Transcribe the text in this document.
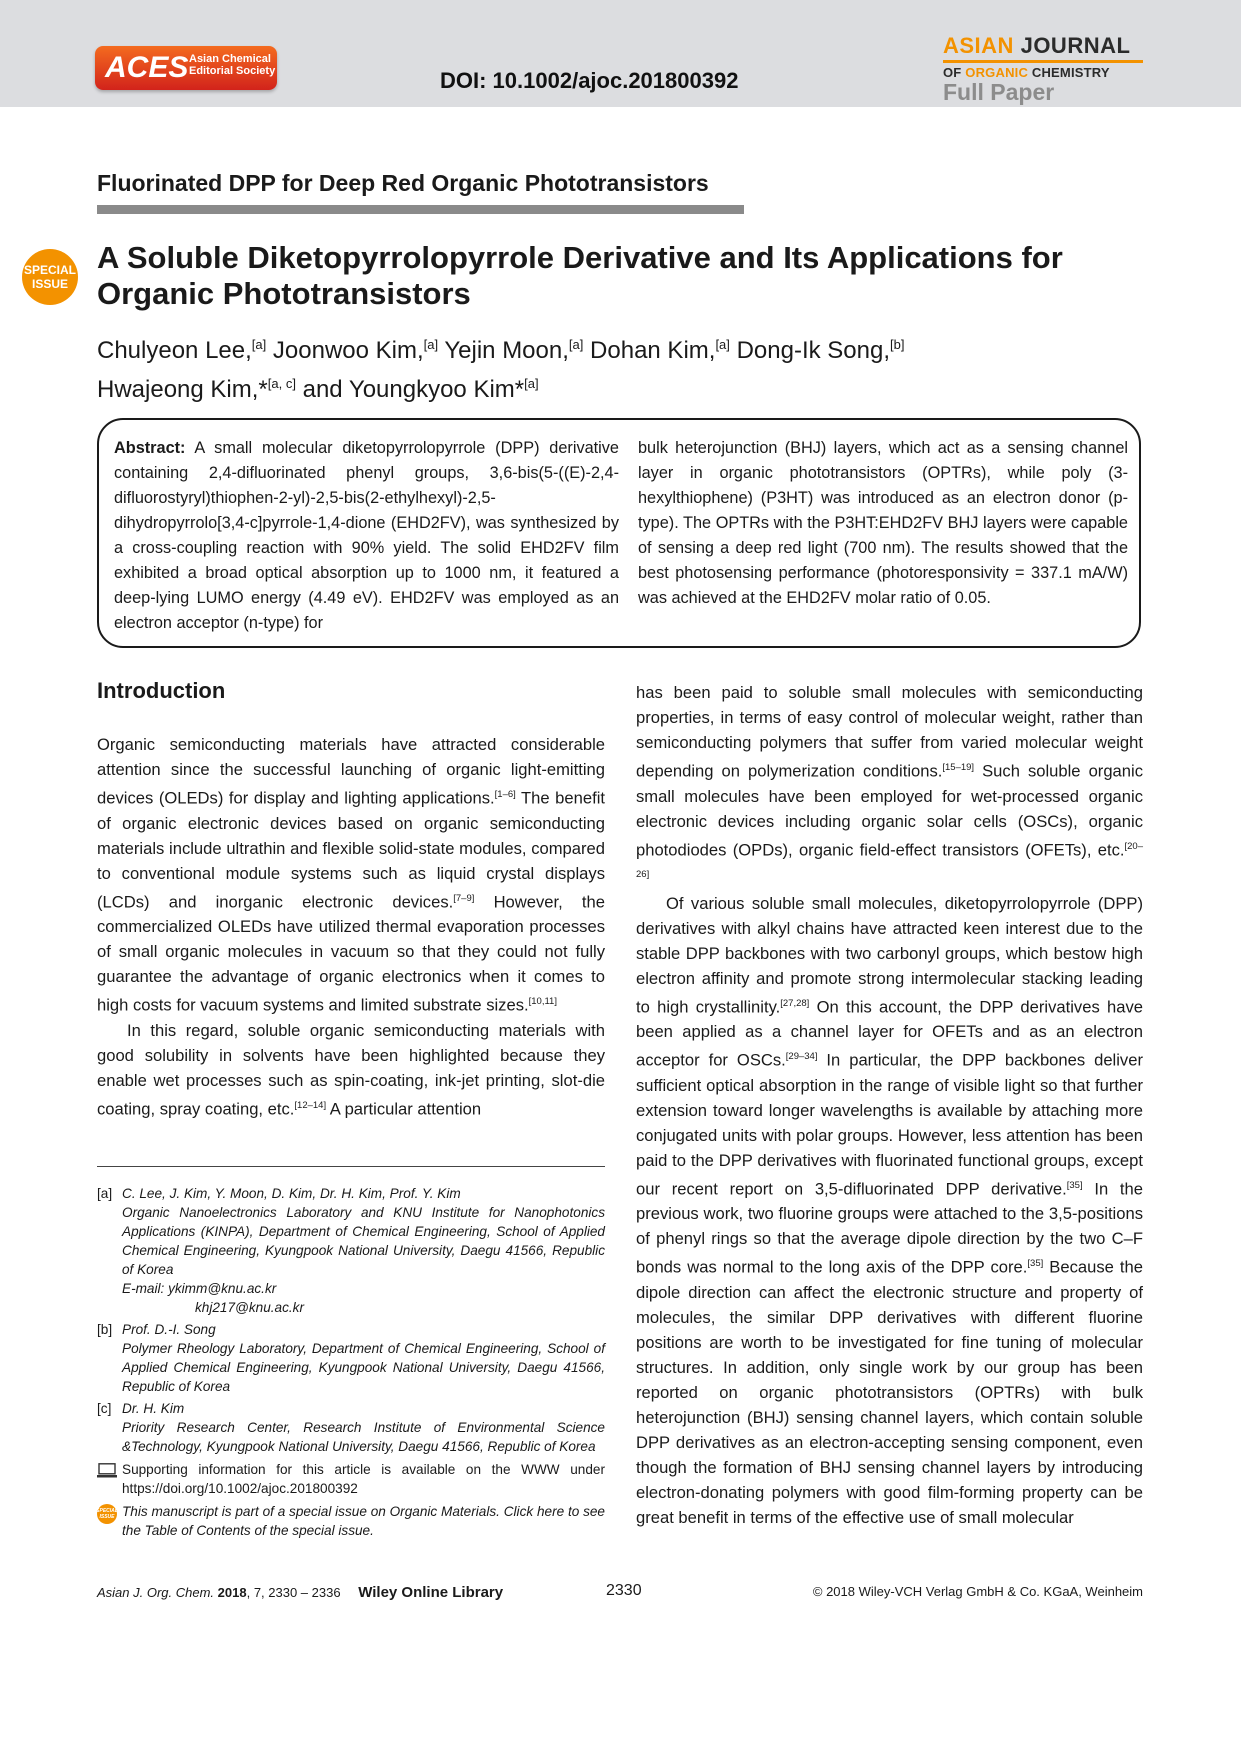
ACES Asian Chemical
Editorial Society	DOI: 10.1002/ajoc.201800392
ASIAN JOURNAL
OF ORGANIC CHEMISTRY
Full Paper
Fluorinated DPP for Deep Red Organic Phototransistors
SPECIAL
ISSUE
A Soluble Diketopyrrolopyrrole Derivative and Its Applications for Organic Phototransistors
Chulyeon Lee,[a] Joonwoo Kim,[a] Yejin Moon,[a] Dohan Kim,[a] Dong-Ik Song,[b]
Hwajeong Kim,*[a, c] and Youngkyoo Kim*[a]
Abstract: A small molecular diketopyrrolopyrrole (DPP) derivative containing 2,4-difluorinated phenyl groups, 3,6-bis(5-((E)-2,4-difluorostyryl)thiophen-2-yl)-2,5-bis(2-ethylhexyl)-2,5-dihydropyrrolo[3,4-c]pyrrole-1,4-dione (EHD2FV), was synthesized by a cross-coupling reaction with 90% yield. The solid EHD2FV film exhibited a broad optical absorption up to 1000 nm, it featured a deep-lying LUMO energy (4.49 eV). EHD2FV was employed as an electron acceptor (n-type) for
bulk heterojunction (BHJ) layers, which act as a sensing channel layer in organic phototransistors (OPTRs), while poly (3-hexylthiophene) (P3HT) was introduced as an electron donor (p-type). The OPTRs with the P3HT:EHD2FV BHJ layers were capable of sensing a deep red light (700 nm). The results showed that the best photosensing performance (photoresponsivity = 337.1 mA/W) was achieved at the EHD2FV molar ratio of 0.05.
Introduction

Organic semiconducting materials have attracted considerable attention since the successful launching of organic light-emitting devices (OLEDs) for display and lighting applications.[1–6] The benefit of organic electronic devices based on organic semiconducting materials include ultrathin and flexible solid-state modules, compared to conventional module systems such as liquid crystal displays (LCDs) and inorganic electronic devices.[7–9] However, the commercialized OLEDs have utilized thermal evaporation processes of small organic molecules in vacuum so that they could not fully guarantee the advantage of organic electronics when it comes to high costs for vacuum systems and limited substrate sizes.[10,11]

In this regard, soluble organic semiconducting materials with good solubility in solvents have been highlighted because they enable wet processes such as spin-coating, ink-jet printing, slot-die coating, spray coating, etc.[12–14] A particular attention

has been paid to soluble small molecules with semiconducting properties, in terms of easy control of molecular weight, rather than semiconducting polymers that suffer from varied molecular weight depending on polymerization conditions.[15–19] Such soluble organic small molecules have been employed for wet-processed organic electronic devices including organic solar cells (OSCs), organic photodiodes (OPDs), organic field-effect transistors (OFETs), etc.[20–26]

Of various soluble small molecules, diketopyrrolopyrrole (DPP) derivatives with alkyl chains have attracted keen interest due to the stable DPP backbones with two carbonyl groups, which bestow high electron affinity and promote strong intermolecular stacking leading to high crystallinity.[27,28] On this account, the DPP derivatives have been applied as a channel layer for OFETs and as an electron acceptor for OSCs.[29–34] In particular, the DPP backbones deliver sufficient optical absorption in the range of visible light so that further extension toward longer wavelengths is available by attaching more conjugated units with polar groups. However, less attention has been paid to the DPP derivatives with fluorinated functional groups, except our recent report on 3,5-difluorinated DPP derivative.[35] In the previous work, two fluorine groups were attached to the 3,5-positions of phenyl rings so that the average dipole direction by the two C–F bonds was normal to the long axis of the DPP core.[35] Because the dipole direction can affect the electronic structure and property of molecules, the similar DPP derivatives with different fluorine positions are worth to be investigated for fine tuning of molecular structures. In addition, only single work by our group has been reported on organic phototransistors (OPTRs) with bulk heterojunction (BHJ) sensing channel layers, which contain soluble DPP derivatives as an electron-accepting sensing component, even though the formation of BHJ sensing channel layers by introducing electron-donating polymers with good film-forming property can be great benefit in terms of the effective use of small molecular

[a] C. Lee, J. Kim, Y. Moon, D. Kim, Dr. H. Kim, Prof. Y. Kim
Organic Nanoelectronics Laboratory and KNU Institute for Nanophotonics Applications (KINPA), Department of Chemical Engineering, School of Applied Chemical Engineering, Kyungpook National University, Daegu 41566, Republic of Korea
E-mail: ykimm@knu.ac.kr
khj217@knu.ac.kr
[b] Prof. D.-I. Song
Polymer Rheology Laboratory, Department of Chemical Engineering, School of Applied Chemical Engineering, Kyungpook National University, Daegu 41566, Republic of Korea
[c] Dr. H. Kim
Priority Research Center, Research Institute of Environmental Science &Technology, Kyungpook National University, Daegu 41566, Republic of Korea
Supporting information for this article is available on the WWW under https://doi.org/10.1002/ajoc.201800392
SPECIAL
ISSUE This manuscript is part of a special issue on Organic Materials. Click here to see the Table of Contents of the special issue.
Asian J. Org. Chem. 2018, 7, 2330 – 2336 Wiley Online Library	2330	© 2018 Wiley-VCH Verlag GmbH & Co. KGaA, Weinheim
